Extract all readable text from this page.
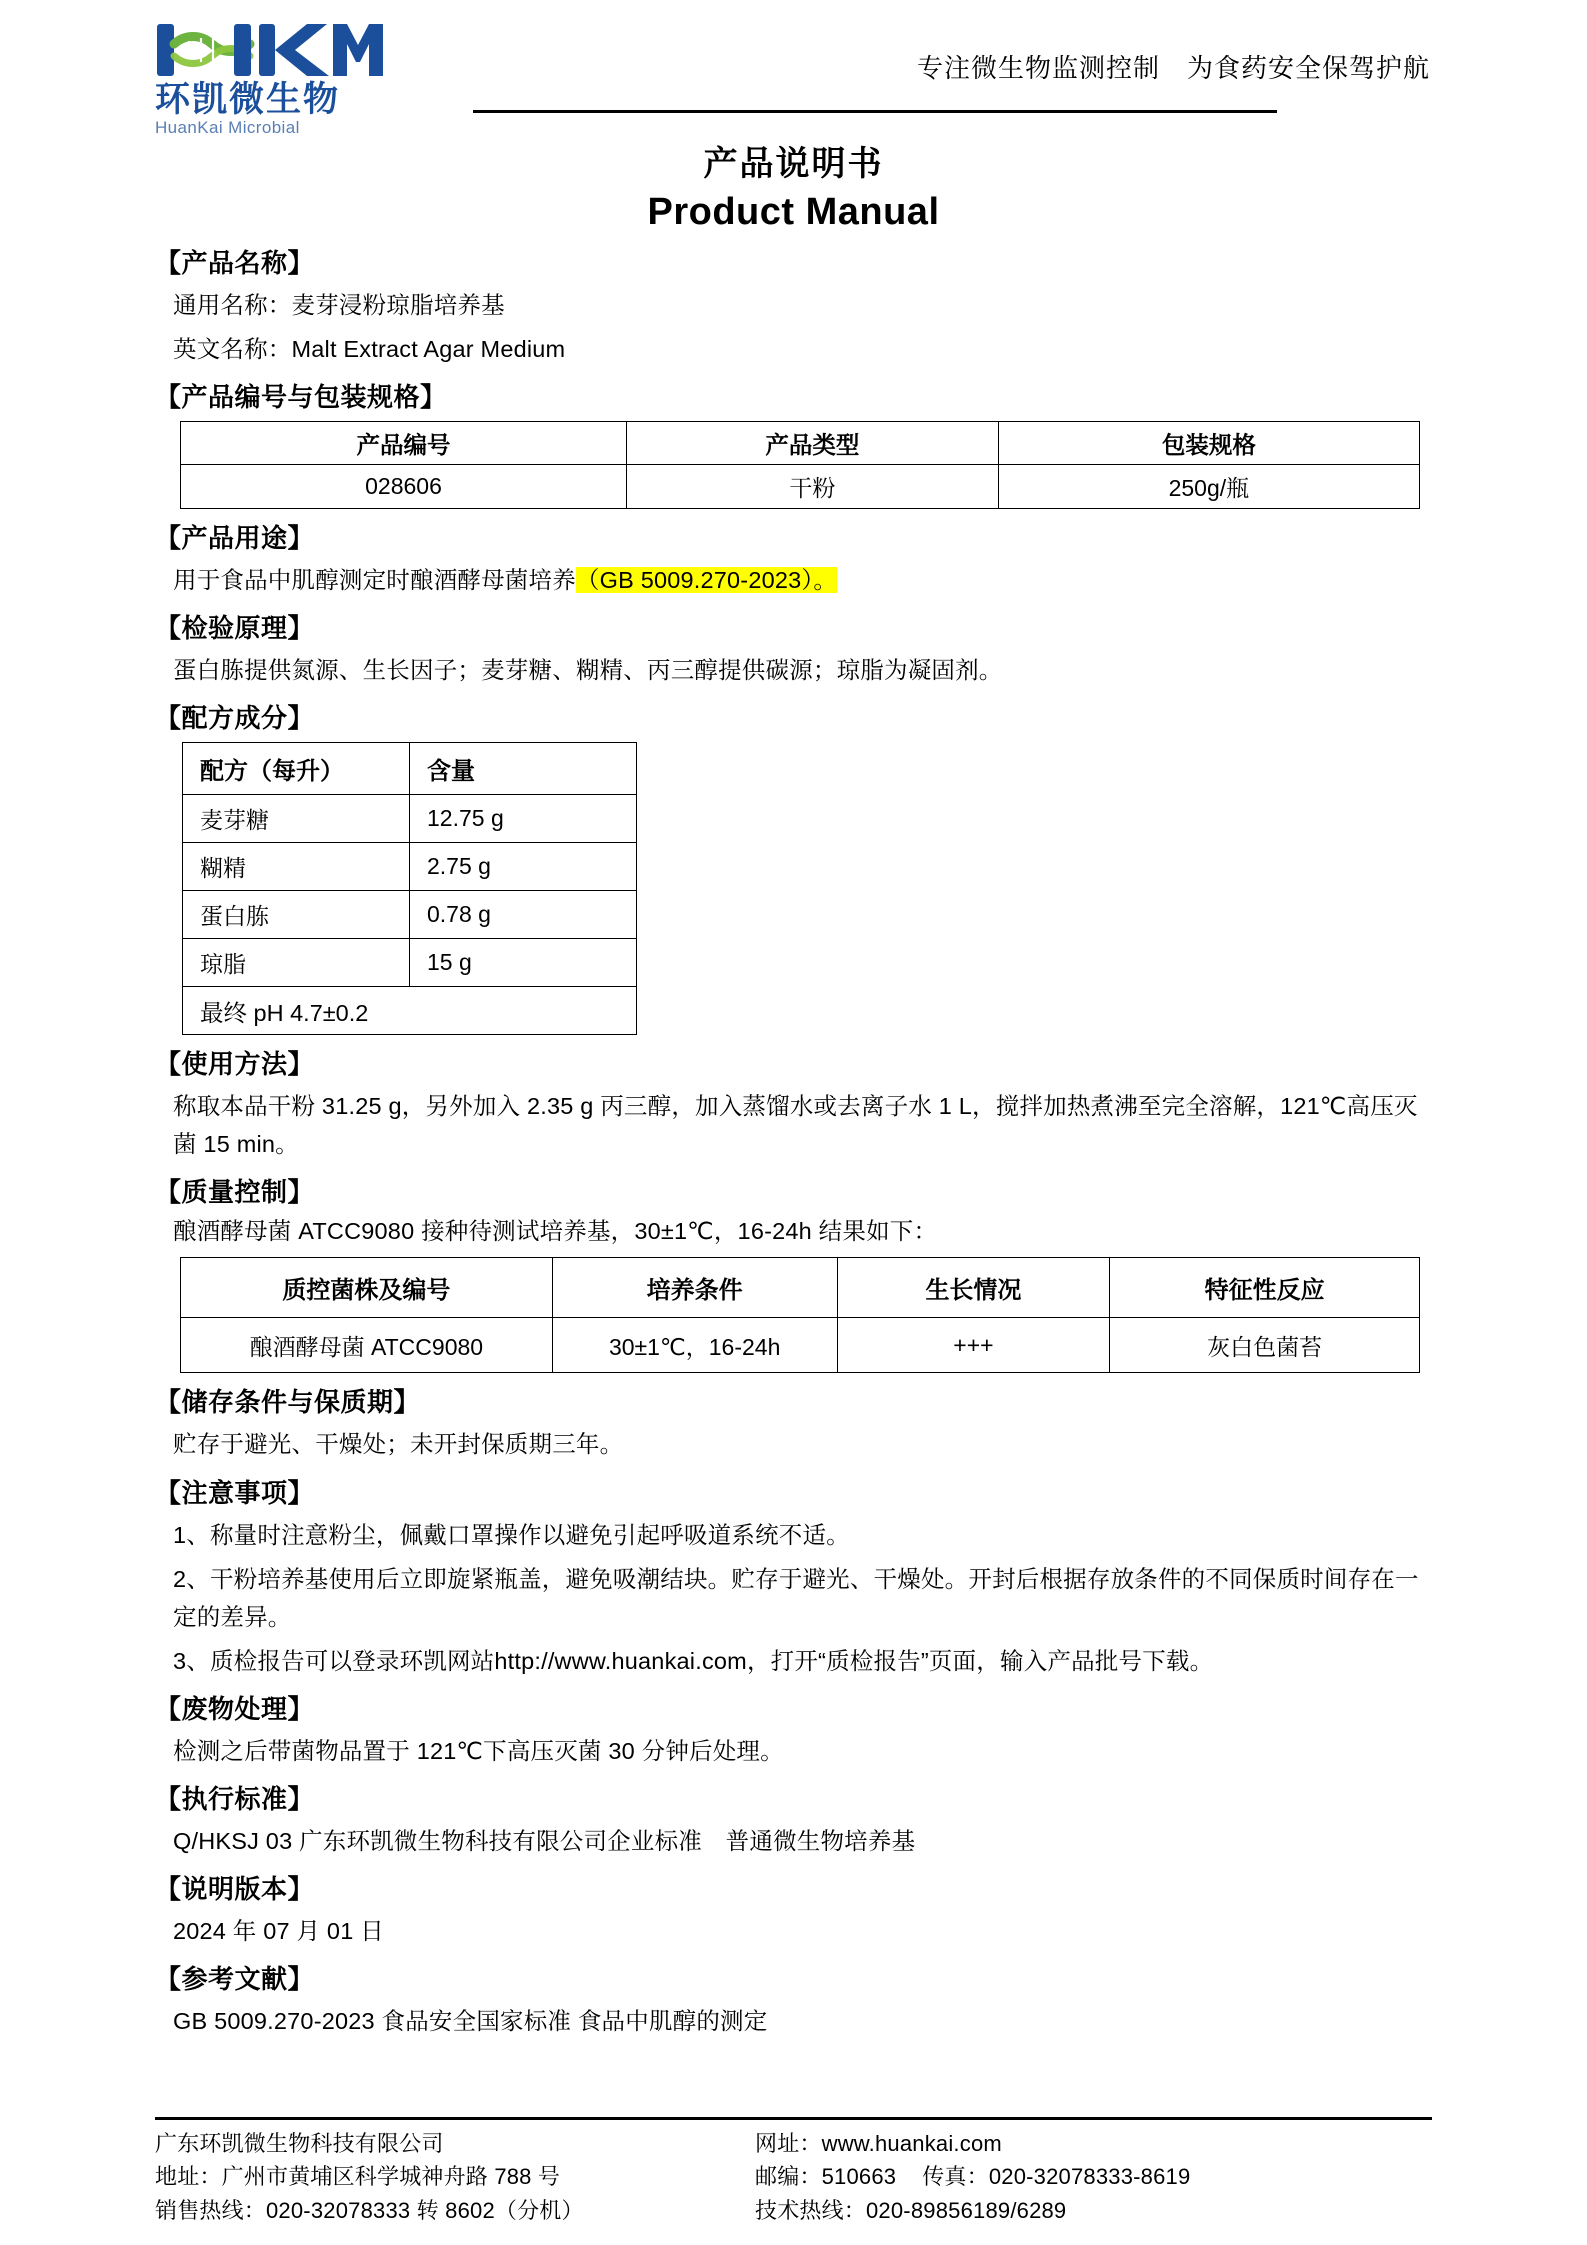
®
环凯微生物
HuanKai Microbial
专注微生物监测控制　为食药安全保驾护航
产品说明书
Product Manual
【产品名称】
通用名称：麦芽浸粉琼脂培养基
英文名称：Malt Extract Agar Medium
【产品编号与包装规格】
产品编号	产品类型	包装规格
028606	干粉	250g/瓶
【产品用途】
用于食品中肌醇测定时酿酒酵母菌培养（GB 5009.270-2023）。
【检验原理】
蛋白胨提供氮源、生长因子；麦芽糖、糊精、丙三醇提供碳源；琼脂为凝固剂。
【配方成分】
配方（每升）	含量
麦芽糖	12.75 g
糊精	2.75 g
蛋白胨	0.78 g
琼脂	15 g
最终 pH 4.7±0.2	
【使用方法】
称取本品干粉 31.25 g，另外加入 2.35 g 丙三醇，加入蒸馏水或去离子水 1 L，搅拌加热煮沸至完全溶解，121℃高压灭菌 15 min。
【质量控制】
酿酒酵母菌 ATCC9080 接种待测试培养基，30±1℃，16-24h 结果如下：
质控菌株及编号	培养条件	生长情况	特征性反应
酿酒酵母菌 ATCC9080	30±1℃，16-24h	+++	灰白色菌苔
【储存条件与保质期】
贮存于避光、干燥处；未开封保质期三年。
【注意事项】
1、称量时注意粉尘，佩戴口罩操作以避免引起呼吸道系统不适。
2、干粉培养基使用后立即旋紧瓶盖，避免吸潮结块。贮存于避光、干燥处。开封后根据存放条件的不同保质时间存在一定的差异。
3、质检报告可以登录环凯网站http://www.huankai.com，打开“质检报告”页面，输入产品批号下载。
【废物处理】
检测之后带菌物品置于 121℃下高压灭菌 30 分钟后处理。
【执行标准】
Q/HKSJ 03 广东环凯微生物科技有限公司企业标准　普通微生物培养基
【说明版本】
2024 年 07 月 01 日
【参考文献】
GB 5009.270-2023 食品安全国家标准 食品中肌醇的测定
广东环凯微生物科技有限公司
地址：广州市黄埔区科学城神舟路 788 号
销售热线：020-32078333 转 8602（分机）
网址：www.huankai.com
邮编：510663 传真：020-32078333-8619
技术热线：020-89856189/6289
